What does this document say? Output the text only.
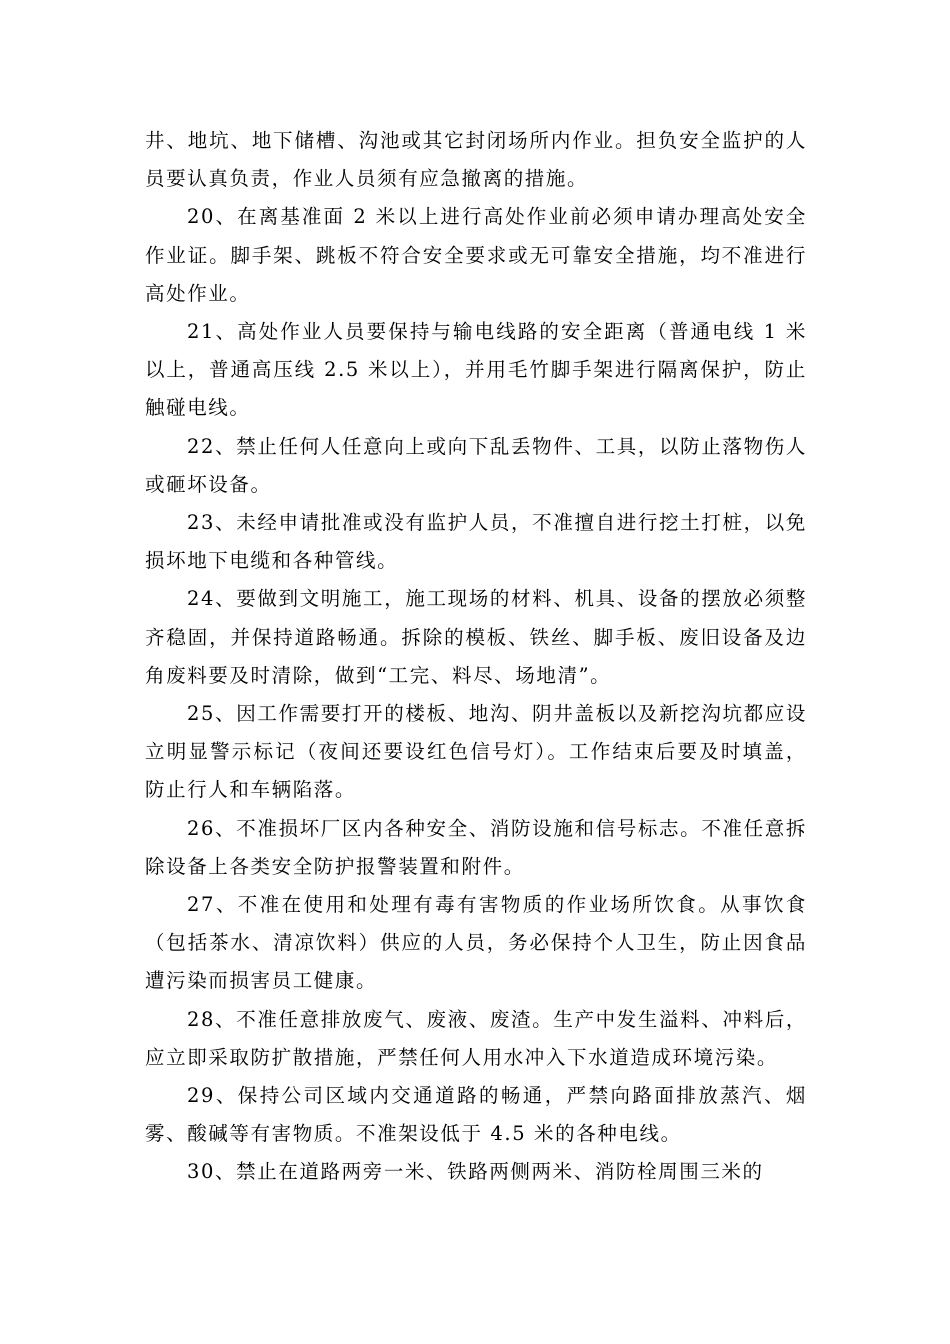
井、地坑、地下储槽、沟池或其它封闭场所内作业。担负安全监护的人员要认真负责，作业人员须有应急撤离的措施。

20、在离基准面 2 米以上进行高处作业前必须申请办理高处安全作业证。脚手架、跳板不符合安全要求或无可靠安全措施，均不准进行高处作业。

21、高处作业人员要保持与输电线路的安全距离（普通电线 1 米以上，普通高压线 2.5 米以上），并用毛竹脚手架进行隔离保护，防止触碰电线。

22、禁止任何人任意向上或向下乱丢物件、工具，以防止落物伤人或砸坏设备。

23、未经申请批准或没有监护人员，不准擅自进行挖土打桩，以免损坏地下电缆和各种管线。

24、要做到文明施工，施工现场的材料、机具、设备的摆放必须整齐稳固，并保持道路畅通。拆除的模板、铁丝、脚手板、废旧设备及边角废料要及时清除，做到“工完、料尽、场地清”。

25、因工作需要打开的楼板、地沟、阴井盖板以及新挖沟坑都应设立明显警示标记（夜间还要设红色信号灯）。工作结束后要及时填盖，防止行人和车辆陷落。

26、不准损坏厂区内各种安全、消防设施和信号标志。不准任意拆除设备上各类安全防护报警装置和附件。

27、不准在使用和处理有毒有害物质的作业场所饮食。从事饮食（包括茶水、清凉饮料）供应的人员，务必保持个人卫生，防止因食品遭污染而损害员工健康。

28、不准任意排放废气、废液、废渣。生产中发生溢料、冲料后，应立即采取防扩散措施，严禁任何人用水冲入下水道造成环境污染。

29、保持公司区域内交通道路的畅通，严禁向路面排放蒸汽、烟雾、酸碱等有害物质。不准架设低于 4.5 米的各种电线。

30、禁止在道路两旁一米、铁路两侧两米、消防栓周围三米的
